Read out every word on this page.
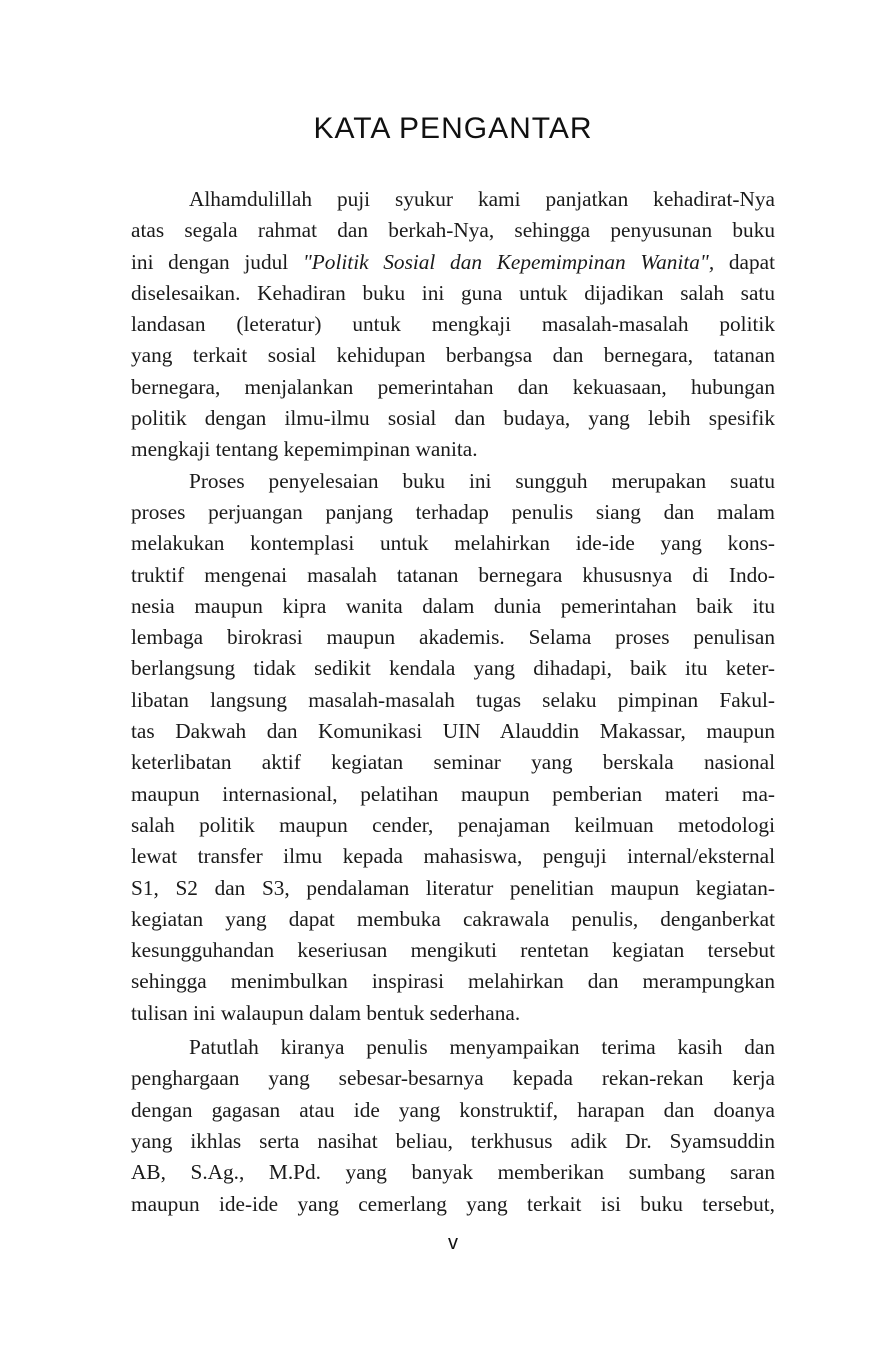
KATA PENGANTAR
Alhamdulillah puji syukur kami panjatkan kehadirat-Nya
atas segala rahmat dan berkah-Nya, sehingga penyusunan buku
ini dengan judul "Politik Sosial dan Kepemimpinan Wanita", dapat
diselesaikan. Kehadiran buku ini guna untuk dijadikan salah satu
landasan (leteratur) untuk mengkaji masalah-masalah politik
yang terkait sosial kehidupan berbangsa dan bernegara, tatanan
bernegara, menjalankan pemerintahan dan kekuasaan, hubungan
politik dengan ilmu-ilmu sosial dan budaya, yang lebih spesifik
mengkaji tentang kepemimpinan wanita.
Proses penyelesaian buku ini sungguh merupakan suatu
proses perjuangan panjang terhadap penulis siang dan malam
melakukan kontemplasi untuk melahirkan ide-ide yang kons-
truktif mengenai masalah tatanan bernegara khususnya di Indo-
nesia maupun kipra wanita dalam dunia pemerintahan baik itu
lembaga birokrasi maupun akademis. Selama proses penulisan
berlangsung tidak sedikit kendala yang dihadapi, baik itu keter-
libatan langsung masalah-masalah tugas selaku pimpinan Fakul-
tas Dakwah dan Komunikasi UIN Alauddin Makassar, maupun
keterlibatan aktif kegiatan seminar yang berskala nasional
maupun internasional, pelatihan maupun pemberian materi ma-
salah politik maupun cender, penajaman keilmuan metodologi
lewat transfer ilmu kepada mahasiswa, penguji internal/eksternal
S1, S2 dan S3, pendalaman literatur penelitian maupun kegiatan-
kegiatan yang dapat membuka cakrawala penulis, denganberkat
kesungguhandan keseriusan mengikuti rentetan kegiatan tersebut
sehingga menimbulkan inspirasi melahirkan dan merampungkan
tulisan ini walaupun dalam bentuk sederhana.
Patutlah kiranya penulis menyampaikan terima kasih dan
penghargaan yang sebesar-besarnya kepada rekan-rekan kerja
dengan gagasan atau ide yang konstruktif, harapan dan doanya
yang ikhlas serta nasihat beliau, terkhusus adik Dr. Syamsuddin
AB, S.Ag., M.Pd. yang banyak memberikan sumbang saran
maupun ide-ide yang cemerlang yang terkait isi buku tersebut,
v
